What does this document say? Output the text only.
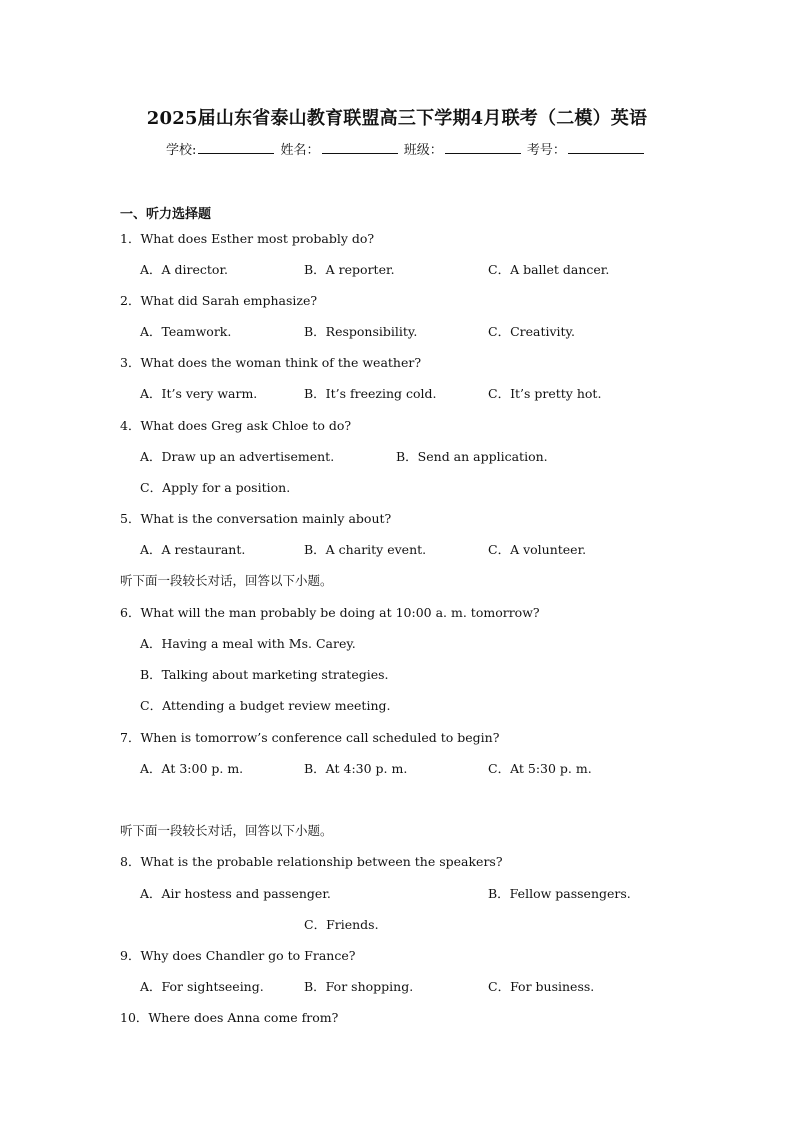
2025届山东省泰山教育联盟高三下学期4月联考（二模）英语
学校:	姓名：	班级：	考号：
一、听力选择题
1．What does Esther most probably do?
A．A director.	B．A reporter.	C．A ballet dancer.
2．What did Sarah emphasize?
A．Teamwork.	B．Responsibility.	C．Creativity.
3．What does the woman think of the weather?
A．It’s very warm.	B．It’s freezing cold.	C．It’s pretty hot.
4．What does Greg ask Chloe to do?
A．Draw up an advertisement.	B．Send an application.
C．Apply for a position.
5．What is the conversation mainly about?
A．A restaurant.	B．A charity event.	C．A volunteer.
听下面一段较长对话，回答以下小题。
6．What will the man probably be doing at 10:00 a. m. tomorrow?
A．Having a meal with Ms. Carey.
B．Talking about marketing strategies.
C．Attending a budget review meeting.
7．When is tomorrow’s conference call scheduled to begin?
A．At 3:00 p. m.	B．At 4:30 p. m.	C．At 5:30 p. m.
听下面一段较长对话，回答以下小题。
8．What is the probable relationship between the speakers?
A．Air hostess and passenger.	B．Fellow passengers.
C．Friends.
9．Why does Chandler go to France?
A．For sightseeing.	B．For shopping.	C．For business.
10．Where does Anna come from?
